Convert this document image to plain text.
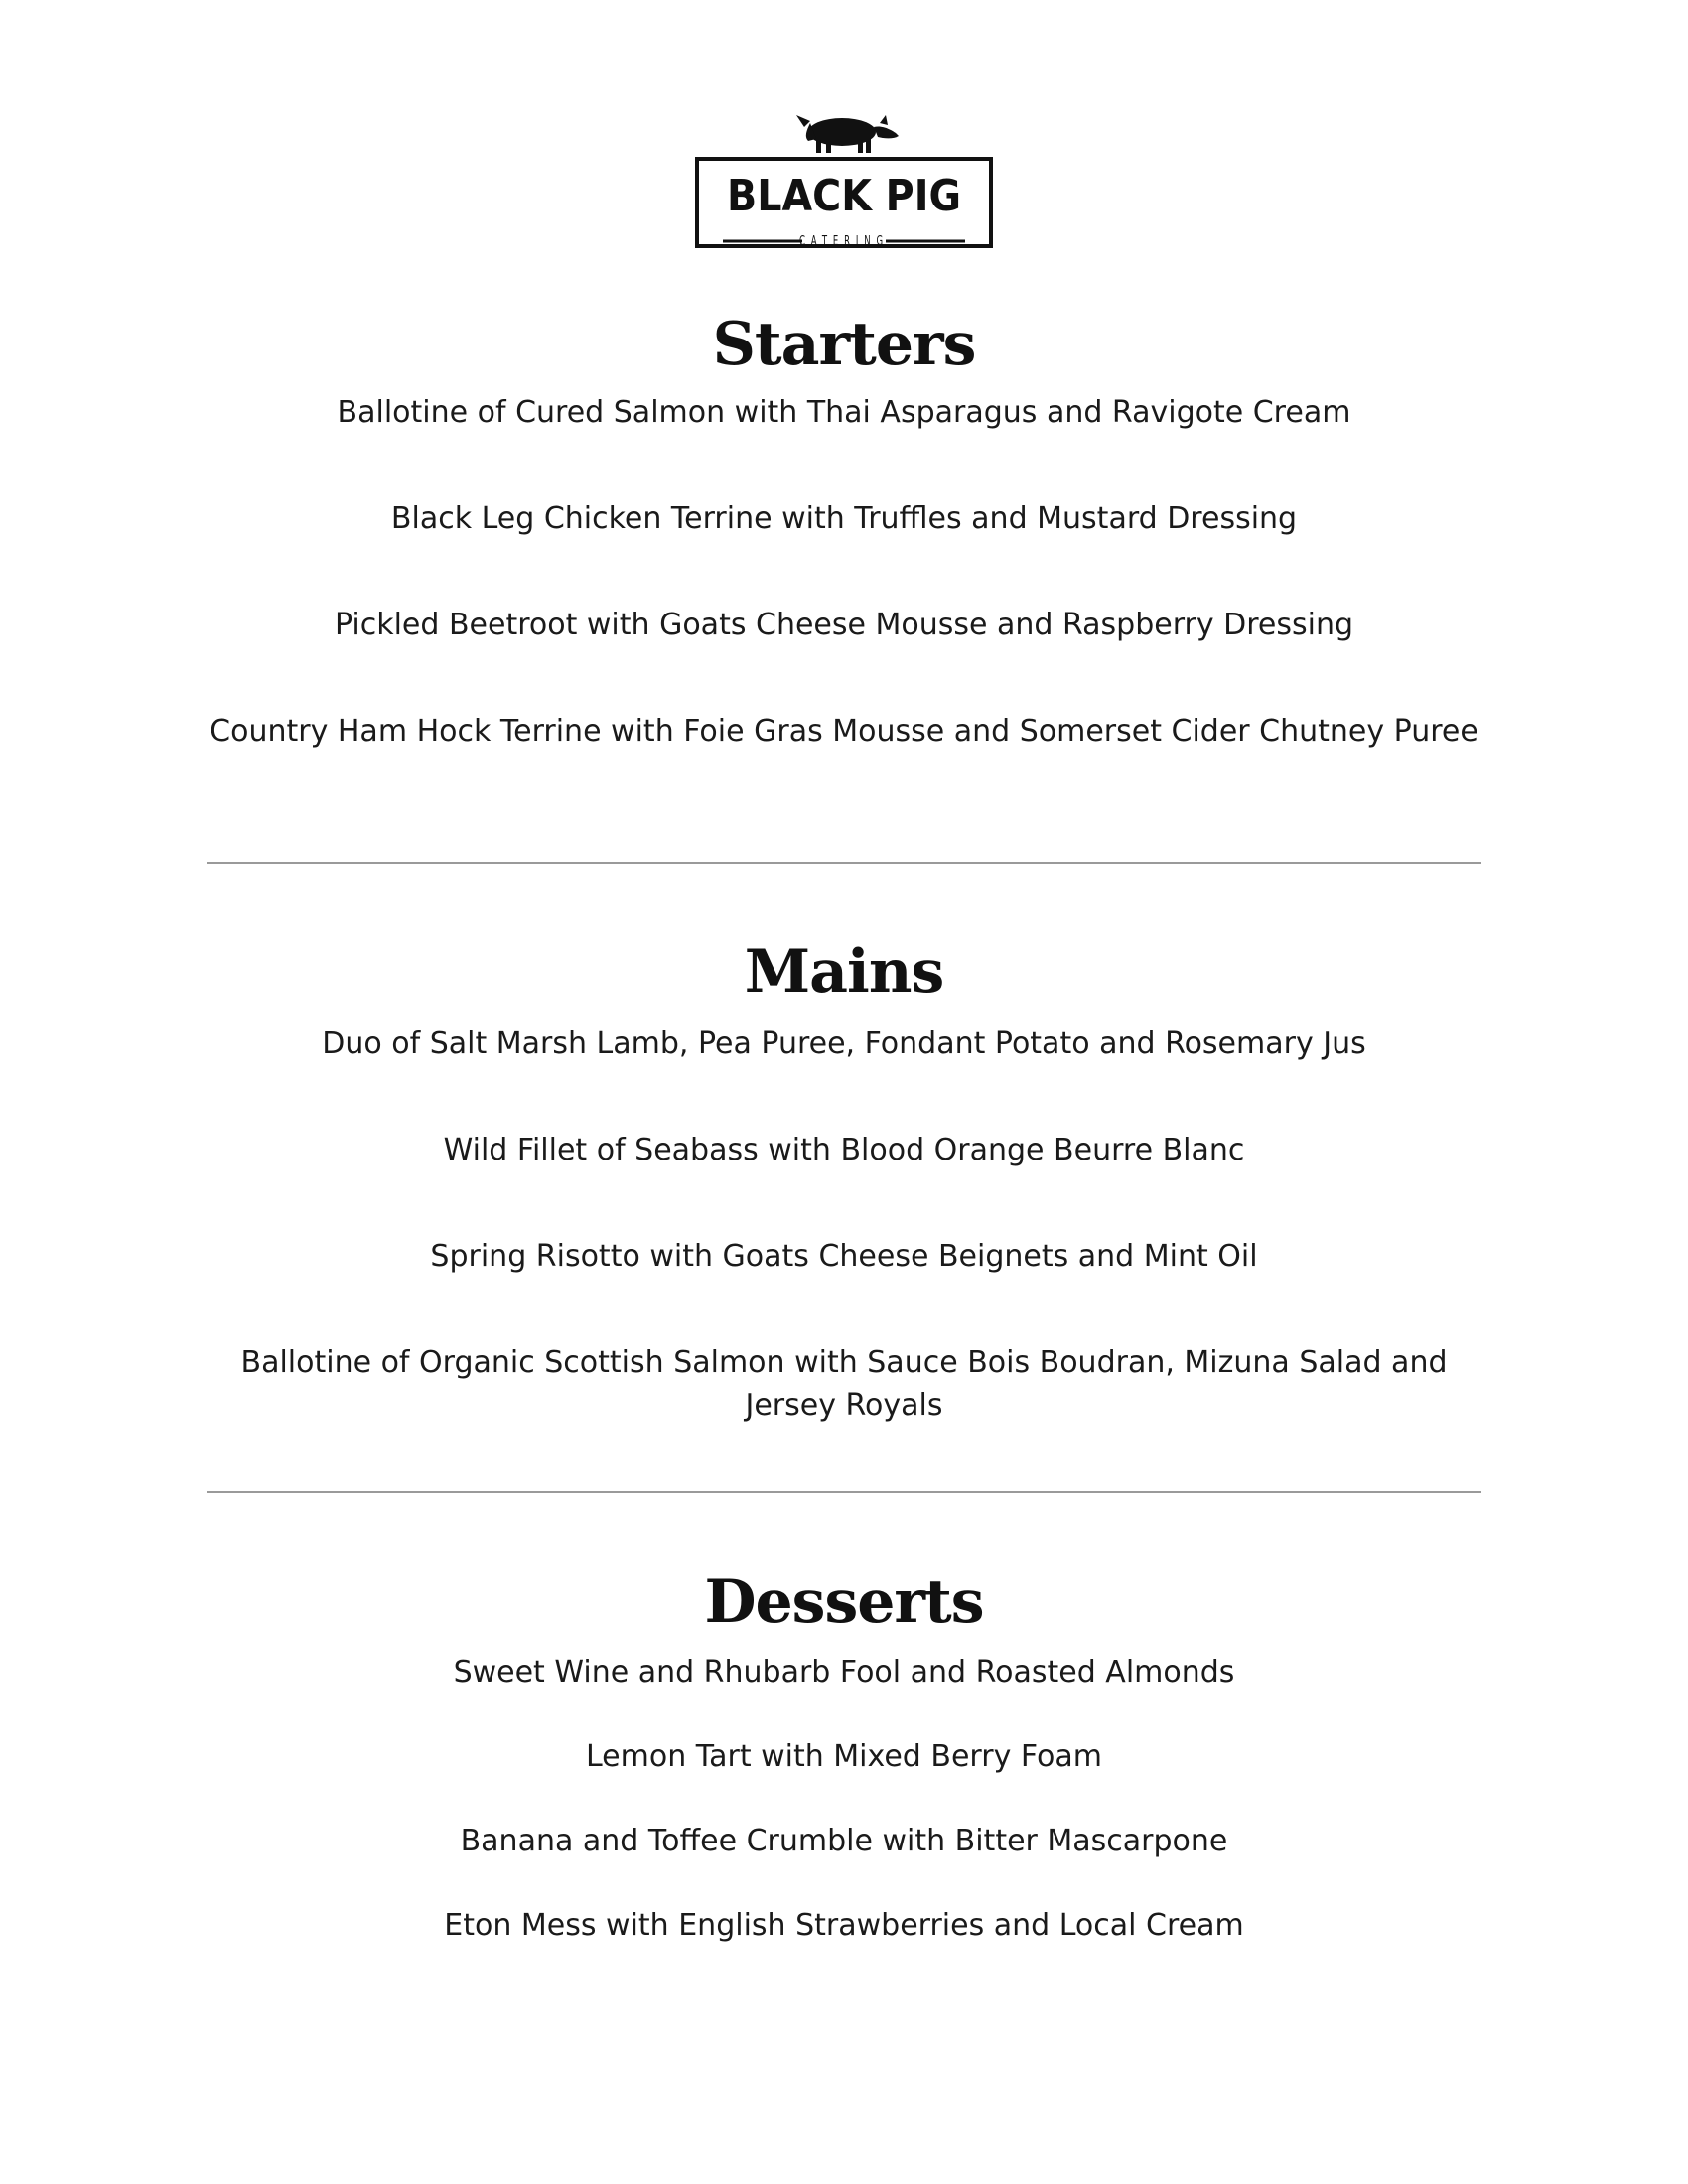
BLACK PIG
CATERING
Starters
Ballotine of Cured Salmon with Thai Asparagus and Ravigote Cream
Black Leg Chicken Terrine with Truffles and Mustard Dressing
Pickled Beetroot with Goats Cheese Mousse and Raspberry Dressing
Country Ham Hock Terrine with Foie Gras Mousse and Somerset Cider Chutney Puree
Mains
Duo of Salt Marsh Lamb, Pea Puree, Fondant Potato and Rosemary Jus
Wild Fillet of Seabass with Blood Orange Beurre Blanc
Spring Risotto with Goats Cheese Beignets and Mint Oil
Ballotine of Organic Scottish Salmon with Sauce Bois Boudran, Mizuna Salad and Jersey Royals
Desserts
Sweet Wine and Rhubarb Fool and Roasted Almonds
Lemon Tart with Mixed Berry Foam
Banana and Toffee Crumble with Bitter Mascarpone
Eton Mess with English Strawberries and Local Cream
